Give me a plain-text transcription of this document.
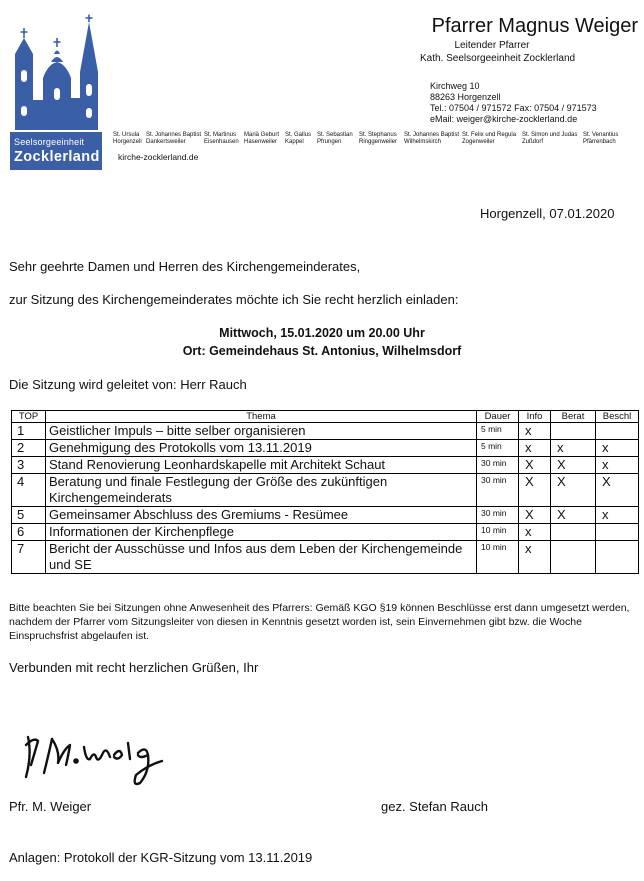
Seelsorgeeinheit
Zocklerland
Pfarrer Magnus Weiger
Leitender Pfarrer
Kath. Seelsorgeeinheit Zocklerland
Kirchweg 10
88263 Horgenzell
Tel.: 07504 / 971572 Fax: 07504 / 971573
eMail: weiger@kirche-zocklerland.de
St. Ursula
Horgenzell
St. Johannes Baptist
Dankertsweiler
St. Martinus
Eisenhausen
Mariä Geburt
Hasenweiler
St. Gallus
Kappel
St. Sebastian
Pfrungen
St. Stephanus
Ringgenweiler
St. Johannes Baptist
Wilhelmskirch
St. Felix und Regula
Zogenweiler
St. Simon und Judas
Zußdorf
St. Venantius
Pfärrenbach
kirche-zocklerland.de
Horgenzell, 07.01.2020
Sehr geehrte Damen und Herren des Kirchengemeinderates,
zur Sitzung des Kirchengemeinderates möchte ich Sie recht herzlich einladen:
Mittwoch, 15.01.2020 um 20.00 Uhr
Ort: Gemeindehaus St. Antonius, Wilhelmsdorf
Die Sitzung wird geleitet von: Herr Rauch
TOP	Thema	Dauer	Info	Berat	Beschl
1	Geistlicher Impuls – bitte selber organisieren	5 min	x		
2	Genehmigung des Protokolls vom 13.11.2019	5 min	x	x	x
3	Stand Renovierung Leonhardskapelle mit Architekt Schaut	30 min	X	X	x
4	Beratung und finale Festlegung der Größe des zukünftigen Kirchengemeinderats	30 min	X	X	X
5	Gemeinsamer Abschluss des Gremiums - Resümee	30 min	X	X	x
6	Informationen der Kirchenpflege	10 min	x		
7	Bericht der Ausschüsse und Infos aus dem Leben der Kirchengemeinde und SE	10 min	x		
Bitte beachten Sie bei Sitzungen ohne Anwesenheit des Pfarrers: Gemäß KGO §19 können Beschlüsse erst dann umgesetzt werden, nachdem der Pfarrer vom Sitzungsleiter von diesen in Kenntnis gesetzt worden ist, sein Einvernehmen gibt bzw. die Woche Einspruchsfrist abgelaufen ist.
Verbunden mit recht herzlichen Grüßen, Ihr
Pfr. M. Weiger	gez. Stefan Rauch
Anlagen: Protokoll der KGR-Sitzung vom 13.11.2019
